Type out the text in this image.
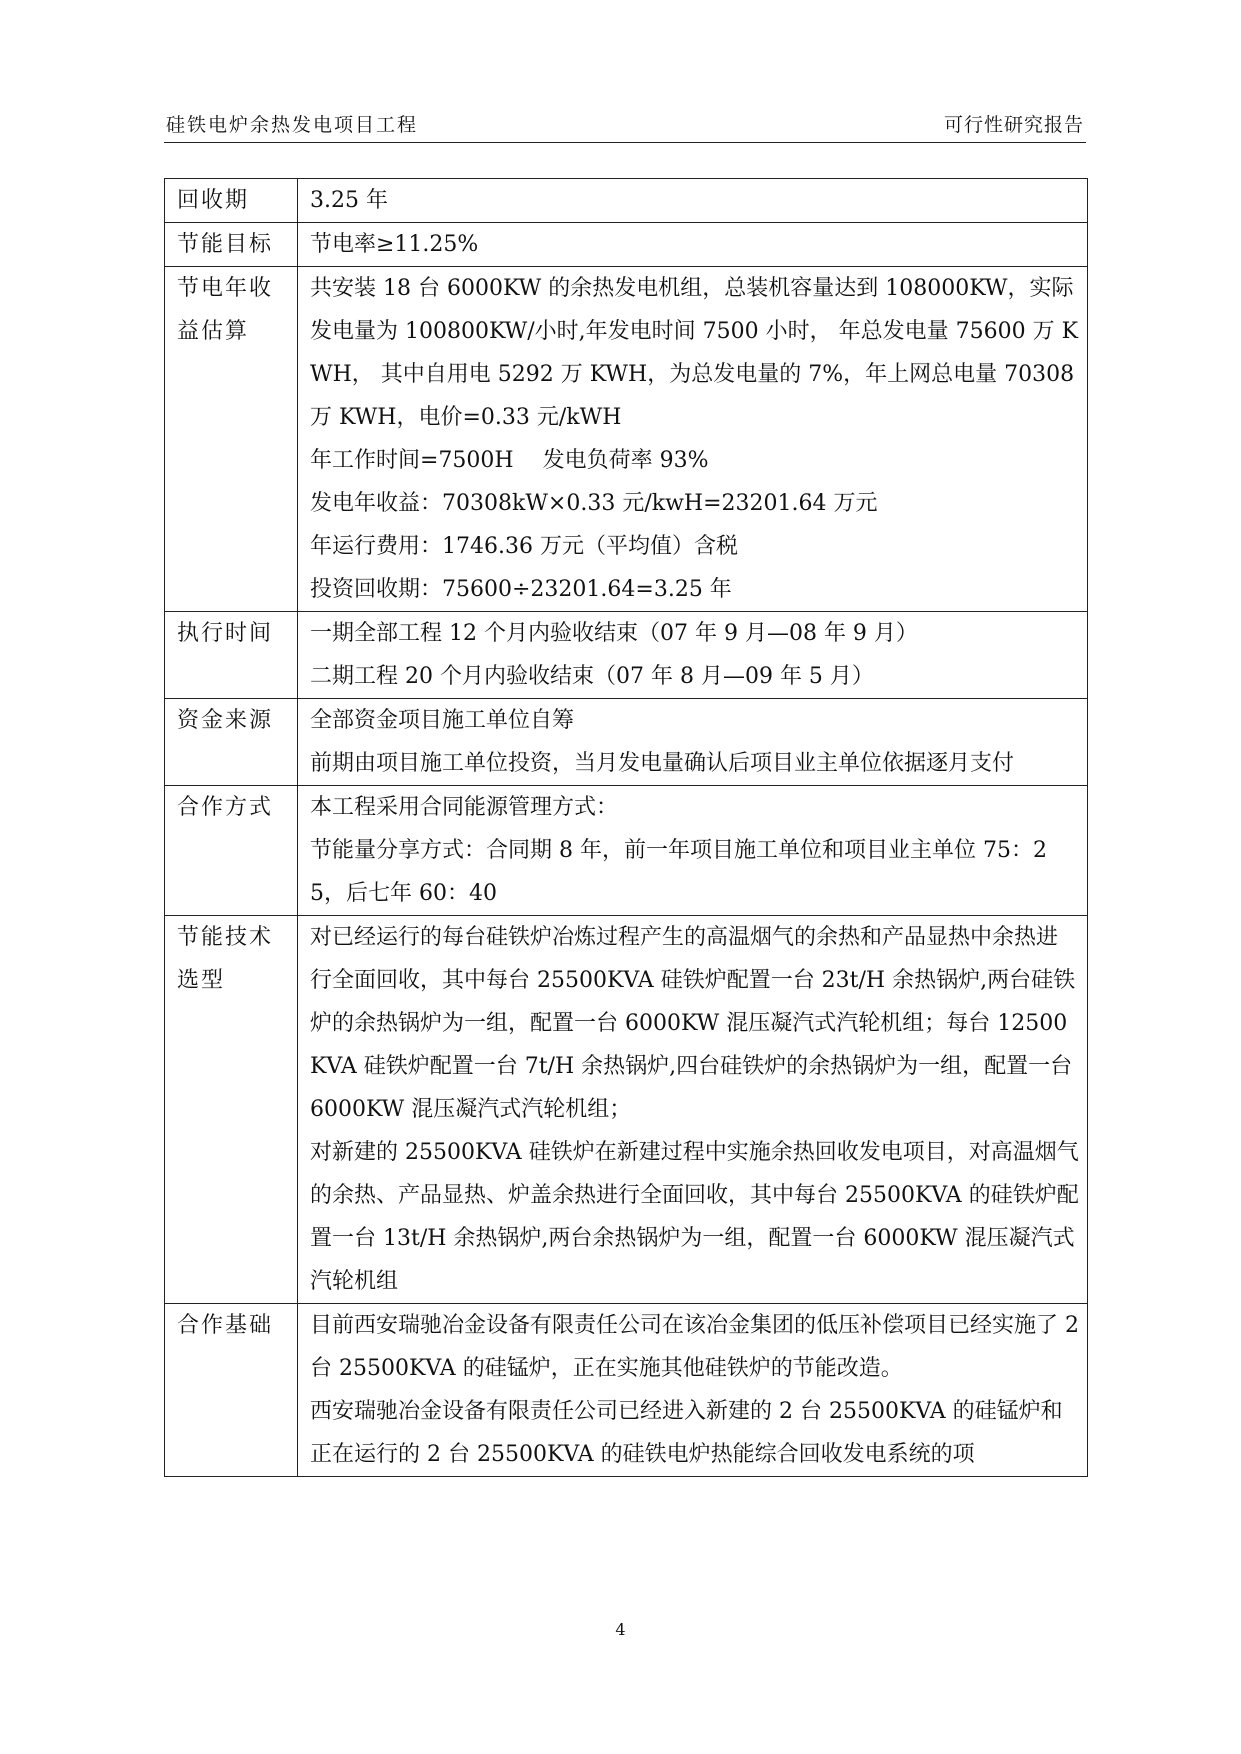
硅铁电炉余热发电项目工程	可行性研究报告
回收期	3.25 年

节能目标	节电率≥11.25%

节电年收益估算	共安装 18 台 6000KW 的余热发电机组，总装机容量达到 108000KW，实际发电量为 100800KW/小时,年发电时间 7500 小时， 年总发电量 75600 万 KWH， 其中自用电 5292 万 KWH，为总发电量的 7%，年上网总电量 70308 万 KWH，电价=0.33 元/kWH

年工作时间=7500H　 发电负荷率 93%

发电年收益：70308kW×0.33 元/kwH=23201.64 万元

年运行费用：1746.36 万元（平均值）含税

投资回收期：75600÷23201.64=3.25 年

执行时间	一期全部工程 12 个月内验收结束（07 年 9 月—08 年 9 月）

二期工程 20 个月内验收结束（07 年 8 月—09 年 5 月）

资金来源	全部资金项目施工单位自筹

前期由项目施工单位投资，当月发电量确认后项目业主单位依据逐月支付

合作方式	本工程采用合同能源管理方式：

节能量分享方式：合同期 8 年，前一年项目施工单位和项目业主单位 75：25，后七年 60：40

节能技术选型	对已经运行的每台硅铁炉冶炼过程产生的高温烟气的余热和产品显热中余热进行全面回收，其中每台 25500KVA 硅铁炉配置一台 23t/H 余热锅炉,两台硅铁炉的余热锅炉为一组，配置一台 6000KW 混压凝汽式汽轮机组；每台 12500KVA 硅铁炉配置一台 7t/H 余热锅炉,四台硅铁炉的余热锅炉为一组，配置一台 6000KW 混压凝汽式汽轮机组；

对新建的 25500KVA 硅铁炉在新建过程中实施余热回收发电项目，对高温烟气的余热、产品显热、炉盖余热进行全面回收，其中每台 25500KVA 的硅铁炉配置一台 13t/H 余热锅炉,两台余热锅炉为一组，配置一台 6000KW 混压凝汽式汽轮机组

合作基础	目前西安瑞驰冶金设备有限责任公司在该冶金集团的低压补偿项目已经实施了 2 台 25500KVA 的硅锰炉，正在实施其他硅铁炉的节能改造。

西安瑞驰冶金设备有限责任公司已经进入新建的 2 台 25500KVA 的硅锰炉和正在运行的 2 台 25500KVA 的硅铁电炉热能综合回收发电系统的项

4
